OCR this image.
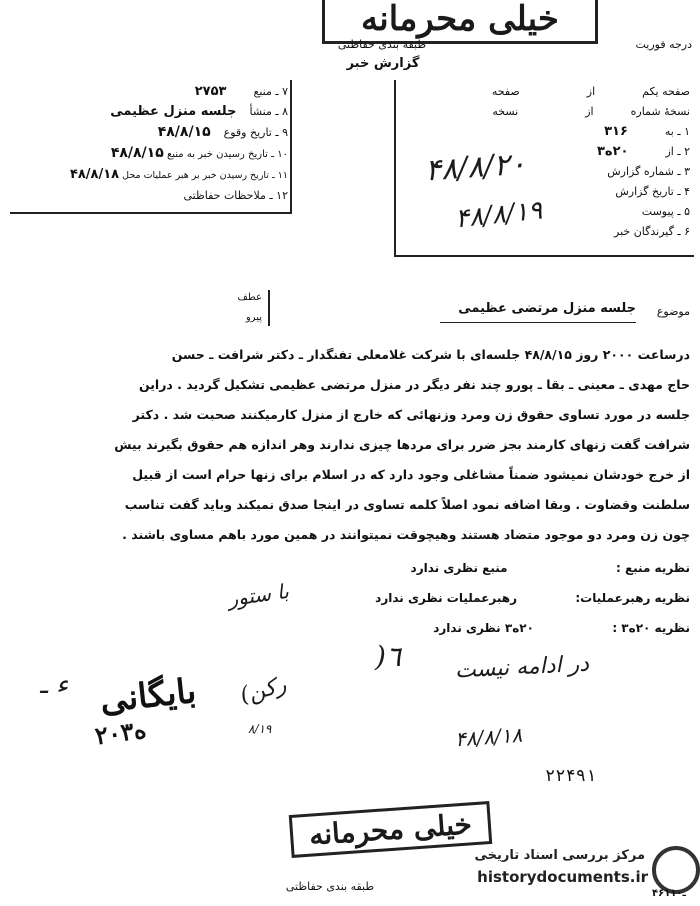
خیلی محرمانه
طبقه بندی حفاظتی
گزارش خبر
درجه فوریت
صفحه یکم  از  صفحه
نسخهٔ شماره  از  نسخه
۱ ـ به  ۳۱۶
۲ ـ از  ۲۰ه۳
۳ ـ شماره گزارش
۴ ـ تاریخ گزارش
۵ ـ پیوست
۶ ـ گیرندگان خبر
۴۸/۸/۲۰
۴۸/۸/۱۹
۷ ـ منبع  ۲۷۵۳
۸ ـ منشأ  جلسه منزل عظیمی
۹ ـ تاریخ وقوع  ۴۸/۸/۱۵
۱۰ ـ تاریخ رسیدن خبر به منبع ۴۸/۸/۱۵
۱۱ ـ تاریخ رسیدن خبر بر هبر عملیات محل ۴۸/۸/۱۸
۱۲ ـ ملاحظات حفاظتی
عطف
پیرو	موضوع
جلسه منزل مرتضی عظیمی
درساعت ۲۰۰۰ روز ۴۸/۸/۱۵ جلسه‌ای با شرکت غلامعلی تفنگدار ـ دکتر شرافت ـ حسن
حاج مهدی ـ معینی ـ بقا ـ پورو چند نفر دیگر در منزل مرتضی عظیمی تشکیل گردید . دراین
جلسه در مورد تساوی حقوق زن ومرد وزنهائی که خارج از منزل کارمیکنند صحبت شد . دکتر
شرافت گفت زنهای کارمند بجز ضرر برای مردها چیزی ندارند وهر اندازه هم حقوق بگیرند بیش
از خرج خودشان نمیشود ضمناً مشاغلی وجود دارد که در اسلام برای زنها حرام است از قبیل
سلطنت وقضاوت . وبقا اضافه نمود اصلاً کلمه تساوی در اینجا صدق نمیکند وباید گفت تناسب
چون زن ومرد دو موجود متضاد هستند وهیچوقت نمیتوانند در همین مورد باهم مساوی باشند .
نظریه منبع :  منبع نظری ندارد
نظریه رهبرعملیات:  رهبرعملیات نظری ندارد
نظریه ۲۰ه۳ :  ۲۰ه۳ نظری ندارد
با ستور
در ادامه نیست
۴۸/۸/۱۸
)٦
بایگانی
۲۰ه۳
(رکن
۸/۱۹
ء ـ
۲۲۴۹۱
خیلی محرمانه
طبقه بندی حفاظتی
مرکز بررسی اسناد تاریخی
historydocuments.ir
۴۶ـ۱۱۰
